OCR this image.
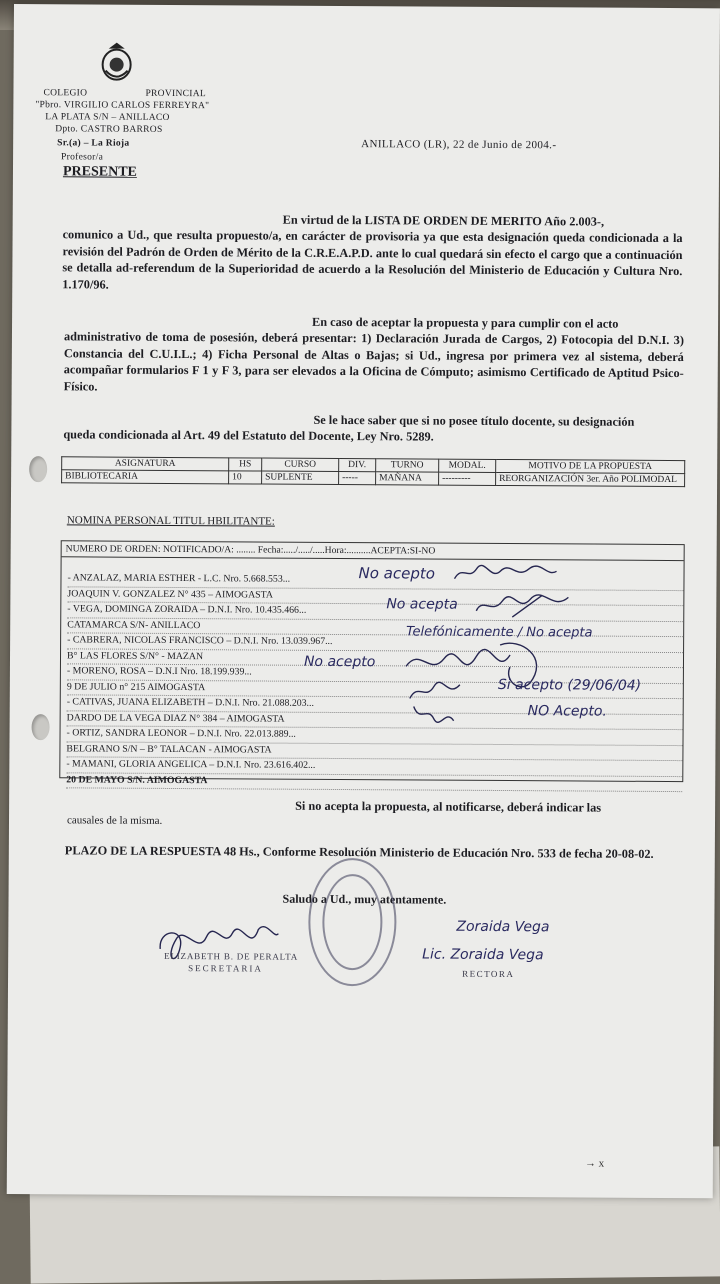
COLEGIO	PROVINCIAL
"Pbro. VIRGILIO CARLOS FERREYRA"
LA PLATA S/N – ANILLACO
Dpto. CASTRO BARROS
Sr.(a) – La Rioja
Profesor/a
PRESENTE
ANILLACO (LR), 22 de Junio de 2004.-
En virtud de la LISTA DE ORDEN DE MERITO Año 2.003-,
comunico a Ud., que resulta propuesto/a, en carácter de provisoria ya que esta designación queda condicionada a la revisión del Padrón de Orden de Mérito de la C.R.E.A.P.D. ante lo cual quedará sin efecto el cargo que a continuación se detalla ad-referendum de la Superioridad de acuerdo a la Resolución del Ministerio de Educación y Cultura Nro. 1.170/96.
En caso de aceptar la propuesta y para cumplir con el acto
administrativo de toma de posesión, deberá presentar: 1) Declaración Jurada de Cargos, 2) Fotocopia del D.N.I. 3) Constancia del C.U.I.L.; 4) Ficha Personal de Altas o Bajas; si Ud., ingresa por primera vez al sistema, deberá acompañar formularios F 1 y F 3, para ser elevados a la Oficina de Cómputo; asimismo Certificado de Aptitud Psico-Físico.
Se le hace saber que si no posee título docente, su designación
queda condicionada al Art. 49 del Estatuto del Docente, Ley Nro. 5289.
ASIGNATURA	HS	CURSO	DIV.	TURNO	MODAL.	MOTIVO DE LA PROPUESTA
BIBLIOTECARIA	10	SUPLENTE	-----	MAÑANA	---------	REORGANIZACIÓN 3er. Año POLIMODAL
NOMINA PERSONAL TITUL HBILITANTE:
NUMERO DE ORDEN: NOTIFICADO/A: ........ Fecha:...../...../.....Hora:..........ACEPTA:SI-NO
- ANZALAZ, MARIA ESTHER - L.C. Nro. 5.668.553...
JOAQUIN V. GONZALEZ N° 435 – AIMOGASTA
- VEGA, DOMINGA ZORAIDA – D.N.I. Nro. 10.435.466...
CATAMARCA S/N- ANILLACO
- CABRERA, NICOLAS FRANCISCO – D.N.I. Nro. 13.039.967...
B° LAS FLORES S/N° - MAZAN
- MORENO, ROSA – D.N.I Nro. 18.199.939...
9 DE JULIO n° 215 AIMOGASTA
- CATIVAS, JUANA ELIZABETH – D.N.I. Nro. 21.088.203...
DARDO DE LA VEGA DIAZ N° 384 – AIMOGASTA
- ORTIZ, SANDRA LEONOR – D.N.I. Nro. 22.013.889...
BELGRANO S/N – B° TALACAN - AIMOGASTA
- MAMANI, GLORIA ANGELICA – D.N.I. Nro. 23.616.402...
20 DE MAYO S/N. AIMOGASTA
No acepto
No acepta
Telefónicamente / No acepta
No acepto
Si acepto (29/06/04)
NO Acepto.
Si no acepta la propuesta, al notificarse, deberá indicar las
causales de la misma.
PLAZO DE LA RESPUESTA 48 Hs., Conforme Resolución Ministerio de Educación Nro. 533 de fecha 20-08-02.
Saludo a Ud., muy atentamente.
ELIZABETH B. DE PERALTA
SECRETARIA
Zoraida Vega
Lic. Zoraida Vega
RECTORA
→ x
